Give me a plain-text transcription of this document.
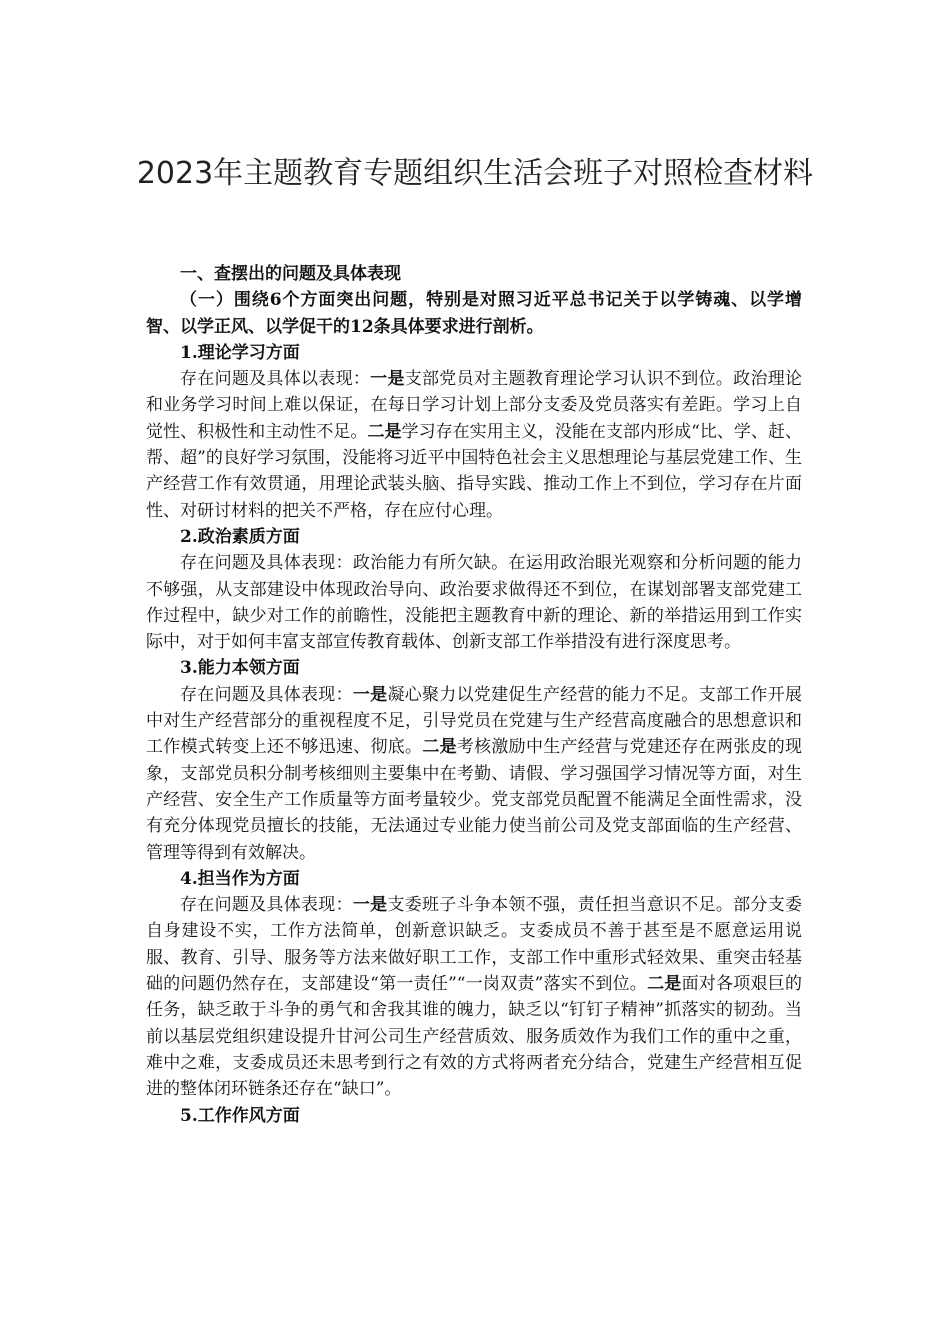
2023年主题教育专题组织生活会班子对照检查材料

一、查摆出的问题及具体表现

（一）围绕6个方面突出问题，特别是对照习近平总书记关于以学铸魂、以学增智、以学正风、以学促干的12条具体要求进行剖析。

1.理论学习方面

存在问题及具体以表现：一是支部党员对主题教育理论学习认识不到位。政治理论和业务学习时间上难以保证，在每日学习计划上部分支委及党员落实有差距。学习上自觉性、积极性和主动性不足。二是学习存在实用主义，没能在支部内形成“比、学、赶、帮、超”的良好学习氛围，没能将习近平中国特色社会主义思想理论与基层党建工作、生产经营工作有效贯通，用理论武装头脑、指导实践、推动工作上不到位，学习存在片面性、对研讨材料的把关不严格，存在应付心理。

2.政治素质方面

存在问题及具体表现：政治能力有所欠缺。在运用政治眼光观察和分析问题的能力不够强，从支部建设中体现政治导向、政治要求做得还不到位，在谋划部署支部党建工作过程中，缺少对工作的前瞻性，没能把主题教育中新的理论、新的举措运用到工作实际中，对于如何丰富支部宣传教育载体、创新支部工作举措没有进行深度思考。

3.能力本领方面

存在问题及具体表现：一是凝心聚力以党建促生产经营的能力不足。支部工作开展中对生产经营部分的重视程度不足，引导党员在党建与生产经营高度融合的思想意识和工作模式转变上还不够迅速、彻底。二是考核激励中生产经营与党建还存在两张皮的现象，支部党员积分制考核细则主要集中在考勤、请假、学习强国学习情况等方面，对生产经营、安全生产工作质量等方面考量较少。党支部党员配置不能满足全面性需求，没有充分体现党员擅长的技能，无法通过专业能力使当前公司及党支部面临的生产经营、管理等得到有效解决。

4.担当作为方面

存在问题及具体表现：一是支委班子斗争本领不强，责任担当意识不足。部分支委自身建设不实，工作方法简单，创新意识缺乏。支委成员不善于甚至是不愿意运用说服、教育、引导、服务等方法来做好职工工作，支部工作中重形式轻效果、重突击轻基础的问题仍然存在，支部建设“第一责任”“一岗双责”落实不到位。二是面对各项艰巨的任务，缺乏敢于斗争的勇气和舍我其谁的魄力，缺乏以“钉钉子精神”抓落实的韧劲。当前以基层党组织建设提升甘河公司生产经营质效、服务质效作为我们工作的重中之重，难中之难，支委成员还未思考到行之有效的方式将两者充分结合，党建生产经营相互促进的整体闭环链条还存在“缺口”。

5.工作作风方面
